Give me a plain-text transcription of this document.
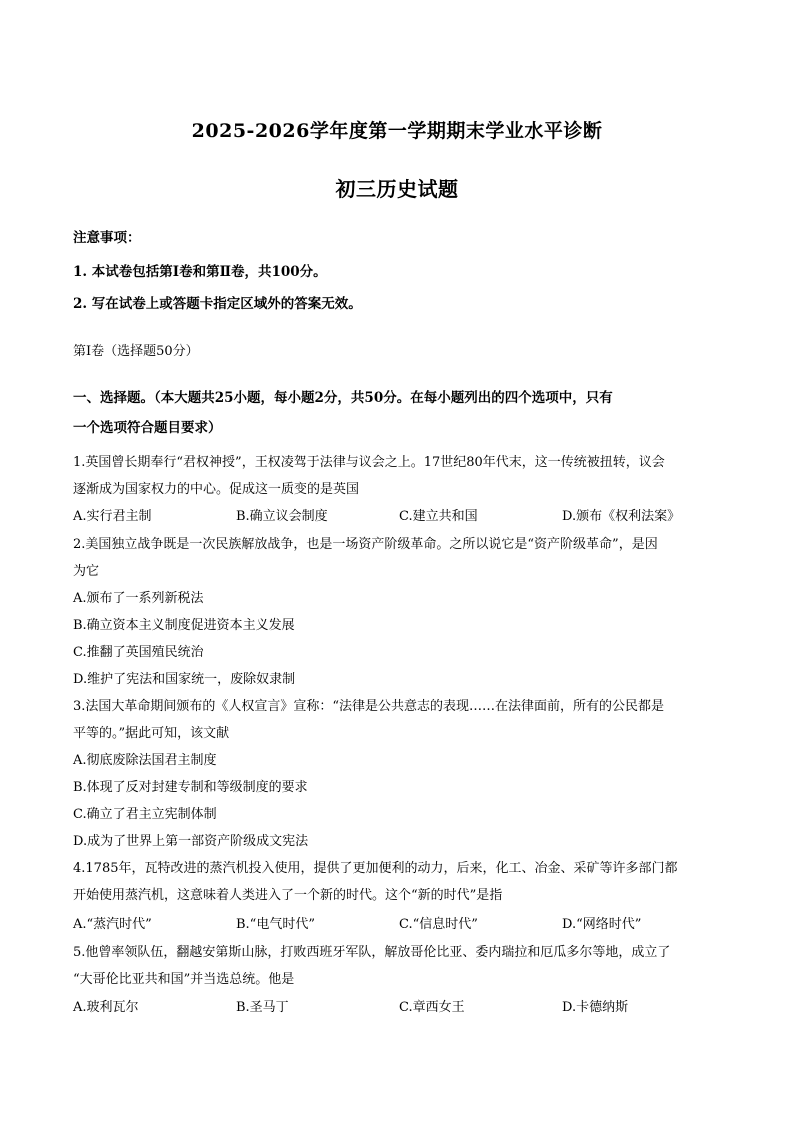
2025-2026学年度第一学期期末学业水平诊断
初三历史试题
注意事项：
1. 本试卷包括第Ⅰ卷和第Ⅱ卷，共100分。
2. 写在试卷上或答题卡指定区域外的答案无效。
第Ⅰ卷（选择题50分）
一、选择题。（本大题共25小题，每小题2分，共50分。在每小题列出的四个选项中，只有
一个选项符合题目要求）
1.英国曾长期奉行“君权神授”，王权凌驾于法律与议会之上。17世纪80年代末，这一传统被扭转，议会
逐渐成为国家权力的中心。促成这一质变的是英国
A.实行君主制	B.确立议会制度	C.建立共和国	D.颁布《权利法案》
2.美国独立战争既是一次民族解放战争，也是一场资产阶级革命。之所以说它是“资产阶级革命”，是因
为它
A.颁布了一系列新税法
B.确立资本主义制度促进资本主义发展
C.推翻了英国殖民统治
D.维护了宪法和国家统一，废除奴隶制
3.法国大革命期间颁布的《人权宣言》宣称：“法律是公共意志的表现……在法律面前，所有的公民都是
平等的。”据此可知，该文献
A.彻底废除法国君主制度
B.体现了反对封建专制和等级制度的要求
C.确立了君主立宪制体制
D.成为了世界上第一部资产阶级成文宪法
4.1785年，瓦特改进的蒸汽机投入使用，提供了更加便利的动力，后来，化工、冶金、采矿等许多部门都
开始使用蒸汽机，这意味着人类进入了一个新的时代。这个“新的时代”是指
A.“蒸汽时代”	B.“电气时代”	C.“信息时代”	D.“网络时代”
5.他曾率领队伍，翻越安第斯山脉，打败西班牙军队，解放哥伦比亚、委内瑞拉和厄瓜多尔等地，成立了
“大哥伦比亚共和国”并当选总统。他是
A.玻利瓦尔	B.圣马丁	C.章西女王	D.卡德纳斯
